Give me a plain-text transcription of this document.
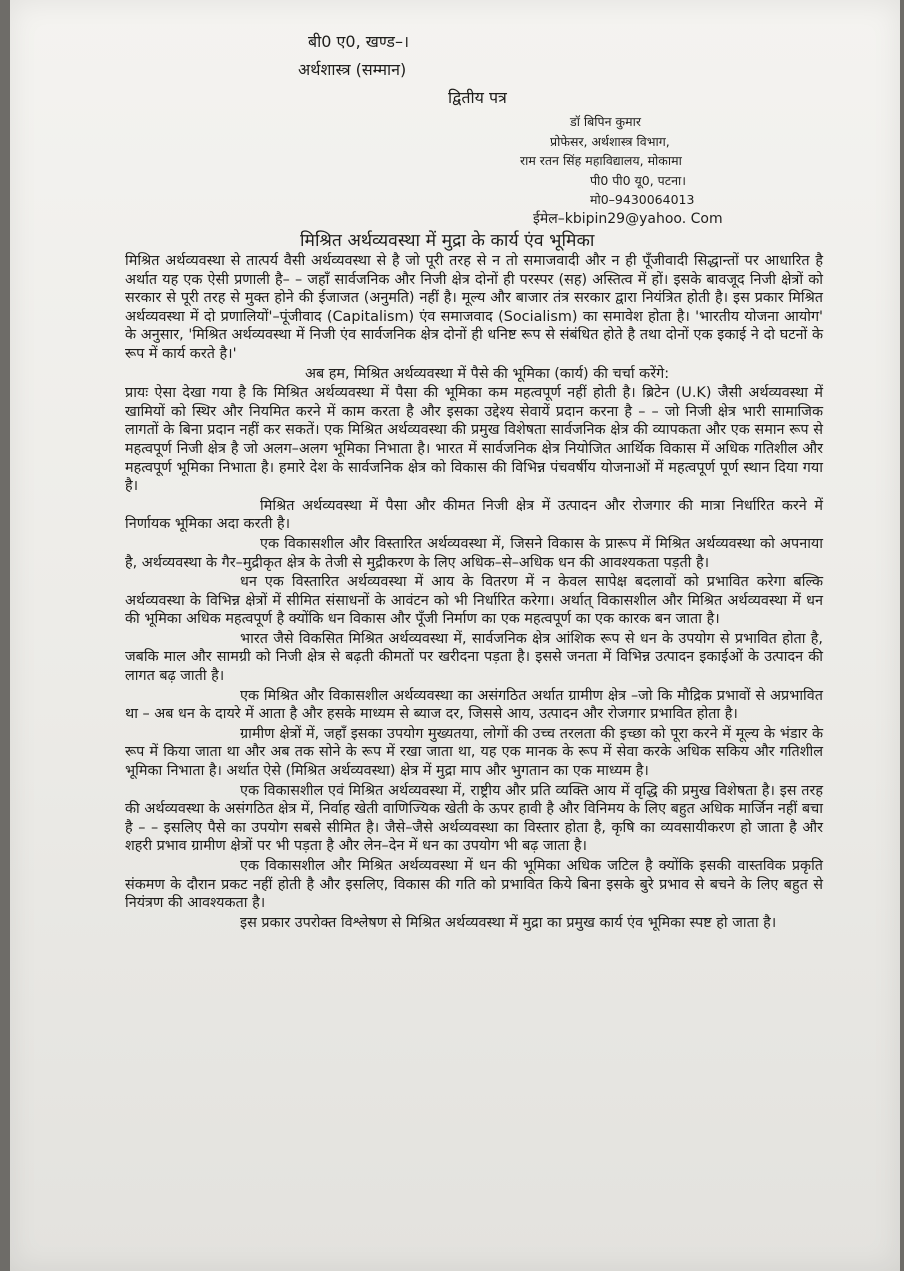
बी0 ए0, खण्ड–।
अर्थशास्त्र (सम्मान)
द्वितीय पत्र
डॉ बिपिन कुमार
प्रोफेसर, अर्थशास्त्र विभाग,
राम रतन सिंह महाविद्यालय, मोकामा
पी0 पी0 यू0, पटना।
मो0–9430064013
ईमेल–kbipin29@yahoo. Com
मिश्रित अर्थव्यवस्था में मुद्रा के कार्य एंव भूमिका

मिश्रित अर्थव्यवस्था से तात्पर्य वैसी अर्थव्यवस्था से है जो पूरी तरह से न तो समाजवादी और न ही पूँजीवादी सिद्धान्तों पर आधारित है अर्थात यह एक ऐसी प्रणाली है– – जहाँ सार्वजनिक और निजी क्षेत्र दोनों ही परस्पर (सह) अस्तित्व में हों। इसके बावजूद निजी क्षेत्रों को सरकार से पूरी तरह से मुक्त होने की ईजाजत (अनुमति) नहीं है। मूल्य और बाजार तंत्र सरकार द्वारा नियंत्रित होती है। इस प्रकार मिश्रित अर्थव्यवस्था में दो प्रणालियों'–पूंजीवाद (Capitalism) एंव समाजवाद (Socialism) का समावेश होता है। 'भारतीय योजना आयोग' के अनुसार, 'मिश्रित अर्थव्यवस्था में निजी एंव सार्वजनिक क्षेत्र दोनों ही धनिष्ट रूप से संबंधित होते है तथा दोनों एक इकाई ने दो घटनों के रूप में कार्य करते है।'

अब हम, मिश्रित अर्थव्यवस्था में पैसे की भूमिका (कार्य) की चर्चा करेंगे:

प्रायः ऐसा देखा गया है कि मिश्रित अर्थव्यवस्था में पैसा की भूमिका कम महत्वपूर्ण नहीं होती है। ब्रिटेन (U.K) जैसी अर्थव्यवस्था में खामियों को स्थिर और नियमित करने में काम करता है और इसका उद्देश्य सेवायें प्रदान करना है – – जो निजी क्षेत्र भारी सामाजिक लागतों के बिना प्रदान नहीं कर सकतें। एक मिश्रित अर्थव्यवस्था की प्रमुख विशेषता सार्वजनिक क्षेत्र की व्यापकता और एक समान रूप से महत्वपूर्ण निजी क्षेत्र है जो अलग–अलग भूमिका निभाता है। भारत में सार्वजनिक क्षेत्र नियोजित आर्थिक विकास में अधिक गतिशील और महत्वपूर्ण भूमिका निभाता है। हमारे देश के सार्वजनिक क्षेत्र को विकास की विभिन्न पंचवर्षीय योजनाओं में महत्वपूर्ण पूर्ण स्थान दिया गया है।

मिश्रित अर्थव्यवस्था में पैसा और कीमत निजी क्षेत्र में उत्पादन और रोजगार की मात्रा निर्धारित करने में निर्णायक भूमिका अदा करती है।

एक विकासशील और विस्तारित अर्थव्यवस्था में, जिसने विकास के प्रारूप में मिश्रित अर्थव्यवस्था को अपनाया है, अर्थव्यवस्था के गैर–मुद्रीकृत क्षेत्र के तेजी से मुद्रीकरण के लिए अधिक–से–अधिक धन की आवश्यकता पड़ती है।

धन एक विस्तारित अर्थव्यवस्था में आय के वितरण में न केवल सापेक्ष बदलावों को प्रभावित करेगा बल्कि अर्थव्यवस्था के विभिन्न क्षेत्रों में सीमित संसाधनों के आवंटन को भी निर्धारित करेगा। अर्थात् विकासशील और मिश्रित अर्थव्यवस्था में धन की भूमिका अधिक महत्वपूर्ण है क्योंकि धन विकास और पूँजी निर्माण का एक महत्वपूर्ण का एक कारक बन जाता है।

भारत जैसे विकसित मिश्रित अर्थव्यवस्था में, सार्वजनिक क्षेत्र आंशिक रूप से धन के उपयोग से प्रभावित होता है, जबकि माल और सामग्री को निजी क्षेत्र से बढ़ती कीमतों पर खरीदना पड़ता है। इससे जनता में विभिन्न उत्पादन इकाईओं के उत्पादन की लागत बढ़ जाती है।

एक मिश्रित और विकासशील अर्थव्यवस्था का असंगठित अर्थात ग्रामीण क्षेत्र –जो कि मौद्रिक प्रभावों से अप्रभावित था – अब धन के दायरे में आता है और हसके माध्यम से ब्याज दर, जिससे आय, उत्पादन और रोजगार प्रभावित होता है।

ग्रामीण क्षेत्रों में, जहाँ इसका उपयोग मुख्यतया, लोगों की उच्च तरलता की इच्छा को पूरा करने में मूल्य के भंडार के रूप में किया जाता था और अब तक सोने के रूप में रखा जाता था, यह एक मानक के रूप में सेवा करके अधिक सकिय और गतिशील भूमिका निभाता है। अर्थात ऐसे (मिश्रित अर्थव्यवस्था) क्षेत्र में मुद्रा माप और भुगतान का एक माध्यम है।

एक विकासशील एवं मिश्रित अर्थव्यवस्था में, राष्ट्रीय और प्रति व्यक्ति आय में वृद्धि की प्रमुख विशेषता है। इस तरह की अर्थव्यवस्था के असंगठित क्षेत्र में, निर्वाह खेती वाणिज्यिक खेती के ऊपर हावी है और विनिमय के लिए बहुत अधिक मार्जिन नहीं बचा है – – इसलिए पैसे का उपयोग सबसे सीमित है। जैसे–जैसे अर्थव्यवस्था का विस्तार होता है, कृषि का व्यवसायीकरण हो जाता है और शहरी प्रभाव ग्रामीण क्षेत्रों पर भी पड़ता है और लेन–देन में धन का उपयोग भी बढ़ जाता है।

एक विकासशील और मिश्रित अर्थव्यवस्था में धन की भूमिका अधिक जटिल है क्योंकि इसकी वास्तविक प्रकृति संकमण के दौरान प्रकट नहीं होती है और इसलिए, विकास की गति को प्रभावित किये बिना इसके बुरे प्रभाव से बचने के लिए बहुत से नियंत्रण की आवश्यकता है।

इस प्रकार उपरोक्त विश्लेषण से मिश्रित अर्थव्यवस्था में मुद्रा का प्रमुख कार्य एंव भूमिका स्पष्ट हो जाता है।
